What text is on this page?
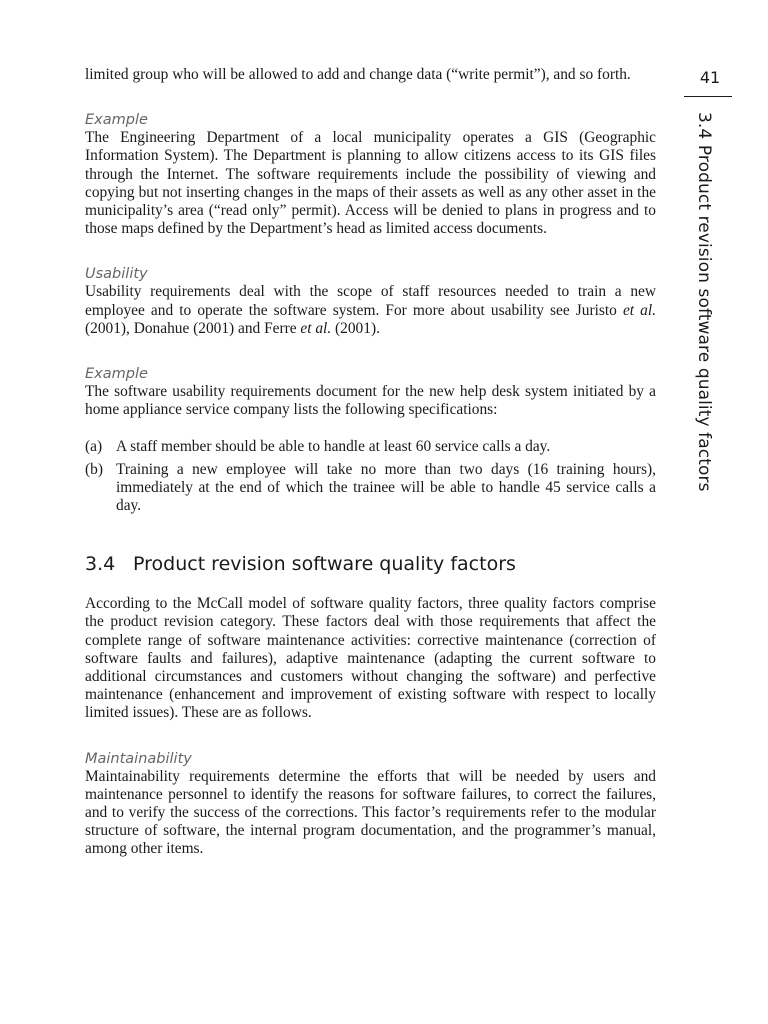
41
3.4 Product revision software quality factors

limited group who will be allowed to add and change data (“write permit”), and so forth.

Example

The Engineering Department of a local municipality operates a GIS (Geographic Information System). The Department is planning to allow citizens access to its GIS files through the Internet. The software requirements include the possibility of viewing and copying but not inserting changes in the maps of their assets as well as any other asset in the municipality’s area (“read only” permit). Access will be denied to plans in progress and to those maps defined by the Department’s head as limited access documents.

Usability

Usability requirements deal with the scope of staff resources needed to train a new employee and to operate the software system. For more about usability see Juristo et al. (2001), Donahue (2001) and Ferre et al. (2001).

Example

The software usability requirements document for the new help desk system initiated by a home appliance service company lists the following specifications:

(a) A staff member should be able to handle at least 60 service calls a day.
(b) Training a new employee will take no more than two days (16 training hours), immediately at the end of which the trainee will be able to handle 45 service calls a day.
3.4 Product revision software quality factors

According to the McCall model of software quality factors, three quality factors comprise the product revision category. These factors deal with those requirements that affect the complete range of software maintenance activities: corrective maintenance (correction of software faults and failures), adaptive maintenance (adapting the current software to additional circumstances and customers without changing the software) and perfective maintenance (enhancement and improvement of existing software with respect to locally limited issues). These are as follows.

Maintainability

Maintainability requirements determine the efforts that will be needed by users and maintenance personnel to identify the reasons for software failures, to correct the failures, and to verify the success of the corrections. This factor’s requirements refer to the modular structure of software, the internal program documentation, and the programmer’s manual, among other items.
